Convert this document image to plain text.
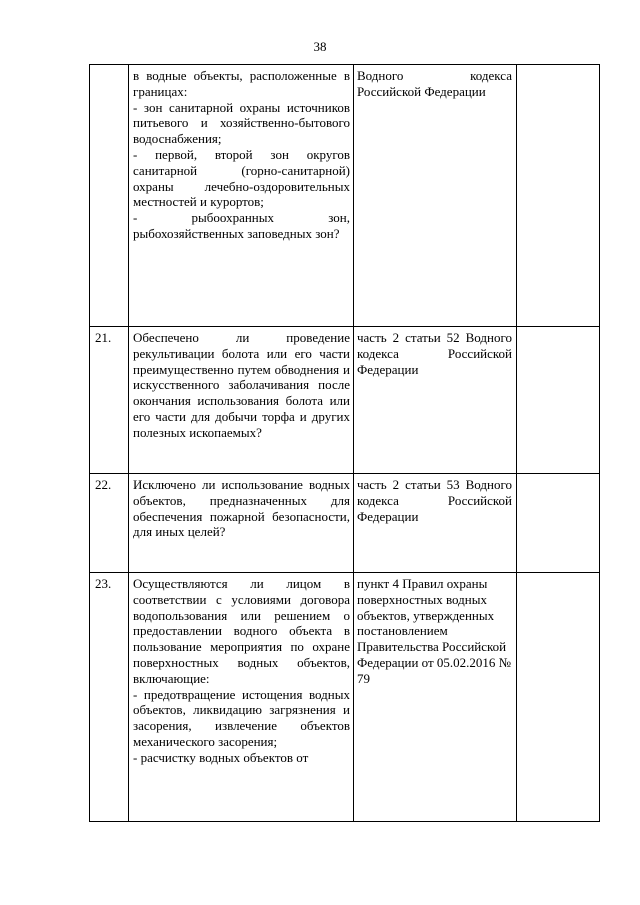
38

	в водные объекты, расположенные в границах:

- зон санитарной охраны источников питьевого и хозяйственно-бытового водоснабжения;

- первой, второй зон округов санитарной (горно-санитарной) охраны лечебно-оздоровительных местностей и курортов;

- рыбоохранных зон, рыбохозяйственных заповедных зон?	Водного кодекса Российской Федерации	
21.	Обеспечено ли проведение рекультивации болота или его части преимущественно путем обводнения и искусственного заболачивания после окончания использования болота или его части для добычи торфа и других полезных ископаемых?	часть 2 статьи 52 Водного кодекса Российской Федерации	
22.	Исключено ли использование водных объектов, предназначенных для обеспечения пожарной безопасности, для иных целей?	часть 2 статьи 53 Водного кодекса Российской Федерации	
23.	Осуществляются ли лицом в соответствии с условиями договора водопользования или решением о предоставлении водного объекта в пользование мероприятия по охране поверхностных водных объектов, включающие:

- предотвращение истощения водных объектов, ликвидацию загрязнения и засорения, извлечение объектов механического засорения;

- расчистку водных объектов от	пункт 4 Правил охраны поверхностных водных объектов, утвержденных постановлением Правительства Российской Федерации от 05.02.2016 № 79	
